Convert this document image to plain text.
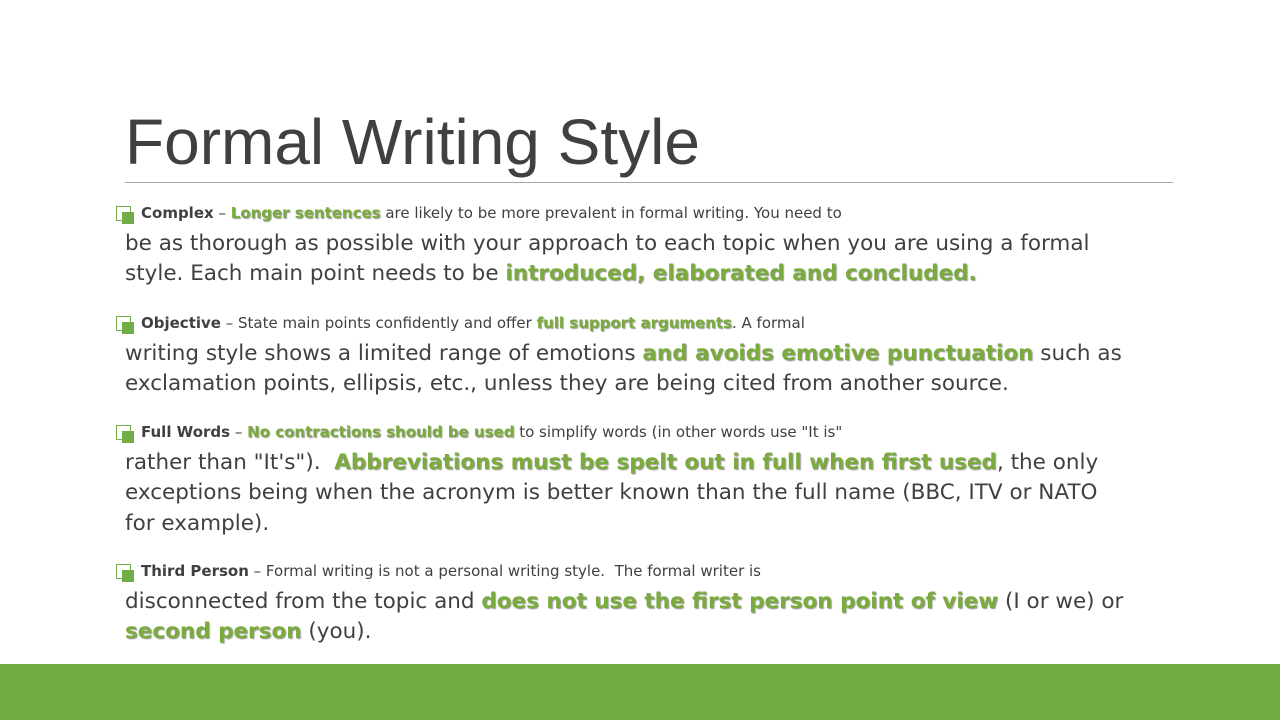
Formal Writing Style
Complex – Longer sentences are likely to be more prevalent in formal writing. You need to
be as thorough as possible with your approach to each topic when you are using a formal
style. Each main point needs to be introduced, elaborated and concluded.
Objective – State main points confidently and offer full support arguments. A formal
writing style shows a limited range of emotions and avoids emotive punctuation such as
exclamation points, ellipsis, etc., unless they are being cited from another source.
Full Words – No contractions should be used to simplify words (in other words use "It is"
rather than "It's").  Abbreviations must be spelt out in full when first used, the only
exceptions being when the acronym is better known than the full name (BBC, ITV or NATO
for example).
Third Person – Formal writing is not a personal writing style.  The formal writer is
disconnected from the topic and does not use the first person point of view (I or we) or
second person (you).
